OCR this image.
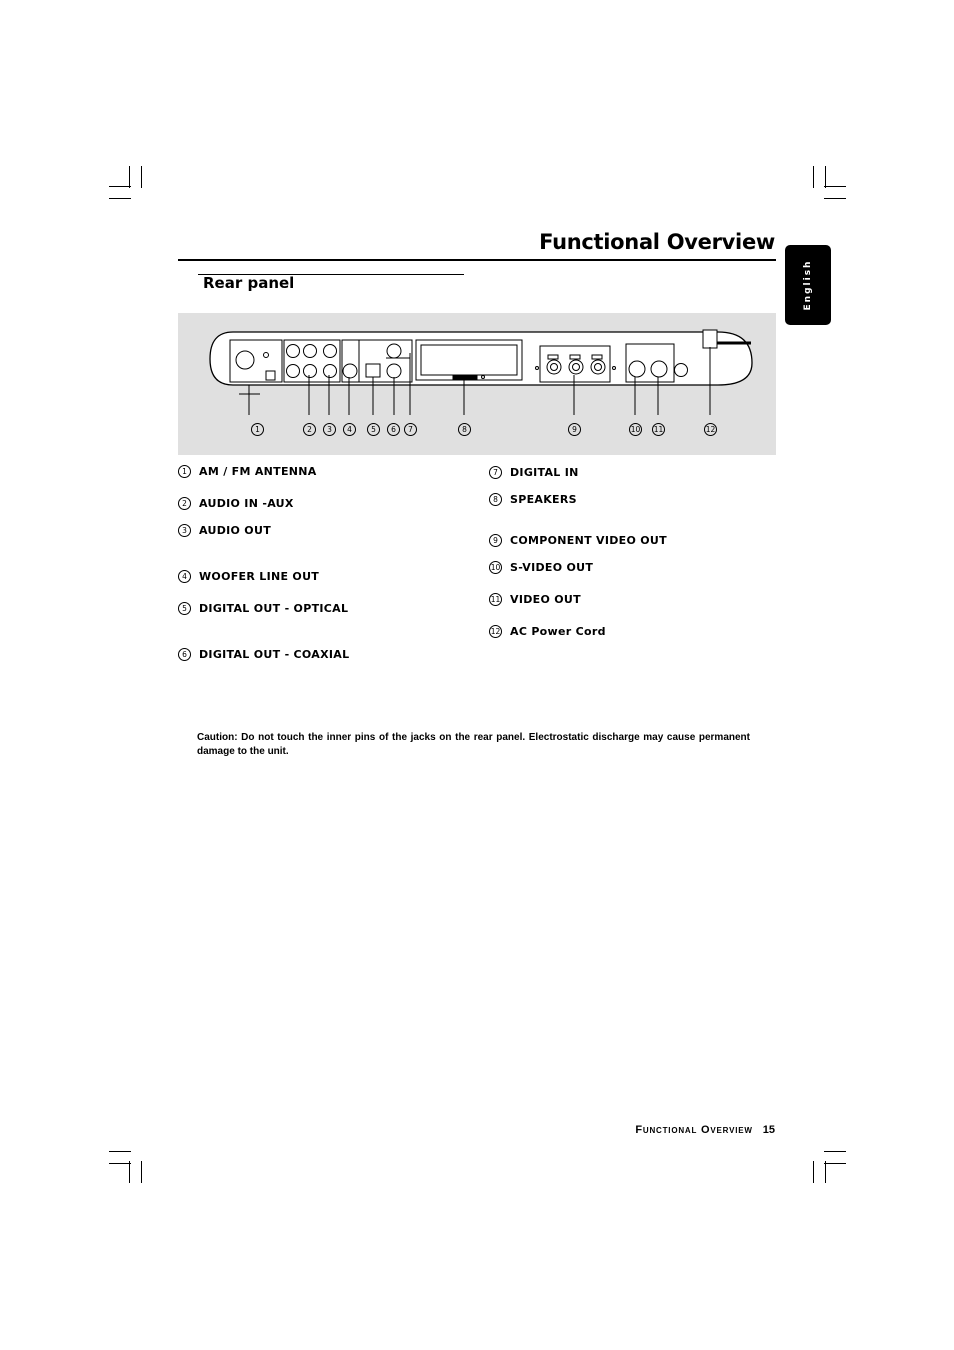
Functional Overview
English
Rear panel
1	2	3	4	5	6	7	8	9	10 11	12
1	AM / FM ANTENNA
2	AUDIO IN -AUX
3	AUDIO OUT
4	WOOFER LINE OUT
5	DIGITAL OUT - OPTICAL
6	DIGITAL OUT - COAXIAL
7	DIGITAL IN
8	SPEAKERS
9	COMPONENT VIDEO OUT
10 S-VIDEO OUT
11 VIDEO OUT
12 AC Power Cord
Caution: Do not touch the inner pins of the jacks on the rear panel. Electrostatic discharge may cause permanent damage to the unit.
Functional Overview 15
